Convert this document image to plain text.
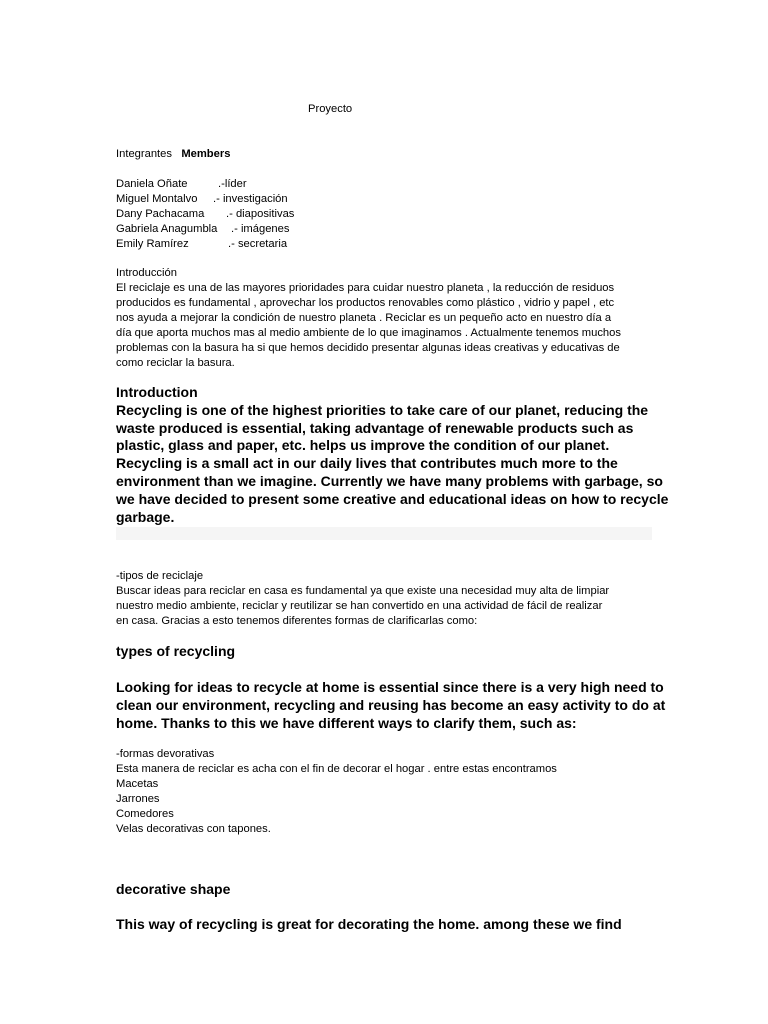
Proyecto
Integrantes Members
Daniela Oñate	.-líder
Miguel Montalvo .- investigación
Dany Pachacama .- diapositivas
Gabriela Anagumbla .- imágenes
Emily Ramírez	.- secretaria
Introducción
El reciclaje es una de las mayores prioridades para cuidar nuestro planeta , la reducción de residuos
producidos es fundamental , aprovechar los productos renovables como plástico , vidrio y papel , etc
nos ayuda a mejorar la condición de nuestro planeta . Reciclar es un pequeño acto en nuestro día a
día que aporta muchos mas al medio ambiente de lo que imaginamos . Actualmente tenemos muchos
problemas con la basura ha si que hemos decidido presentar algunas ideas creativas y educativas de
como reciclar la basura.
Introduction
Recycling is one of the highest priorities to take care of our planet, reducing the
waste produced is essential, taking advantage of renewable products such as
plastic, glass and paper, etc. helps us improve the condition of our planet.
Recycling is a small act in our daily lives that contributes much more to the
environment than we imagine. Currently we have many problems with garbage, so
we have decided to present some creative and educational ideas on how to recycle
garbage.
-tipos de reciclaje
Buscar ideas para reciclar en casa es fundamental ya que existe una necesidad muy alta de limpiar
nuestro medio ambiente, reciclar y reutilizar se han convertido en una actividad de fácil de realizar
en casa. Gracias a esto tenemos diferentes formas de clarificarlas como:
types of recycling
Looking for ideas to recycle at home is essential since there is a very high need to
clean our environment, recycling and reusing has become an easy activity to do at
home. Thanks to this we have different ways to clarify them, such as:
-formas devorativas
Esta manera de reciclar es acha con el fin de decorar el hogar . entre estas encontramos
Macetas
Jarrones
Comedores
Velas decorativas con tapones.
decorative shape
This way of recycling is great for decorating the home. among these we find
